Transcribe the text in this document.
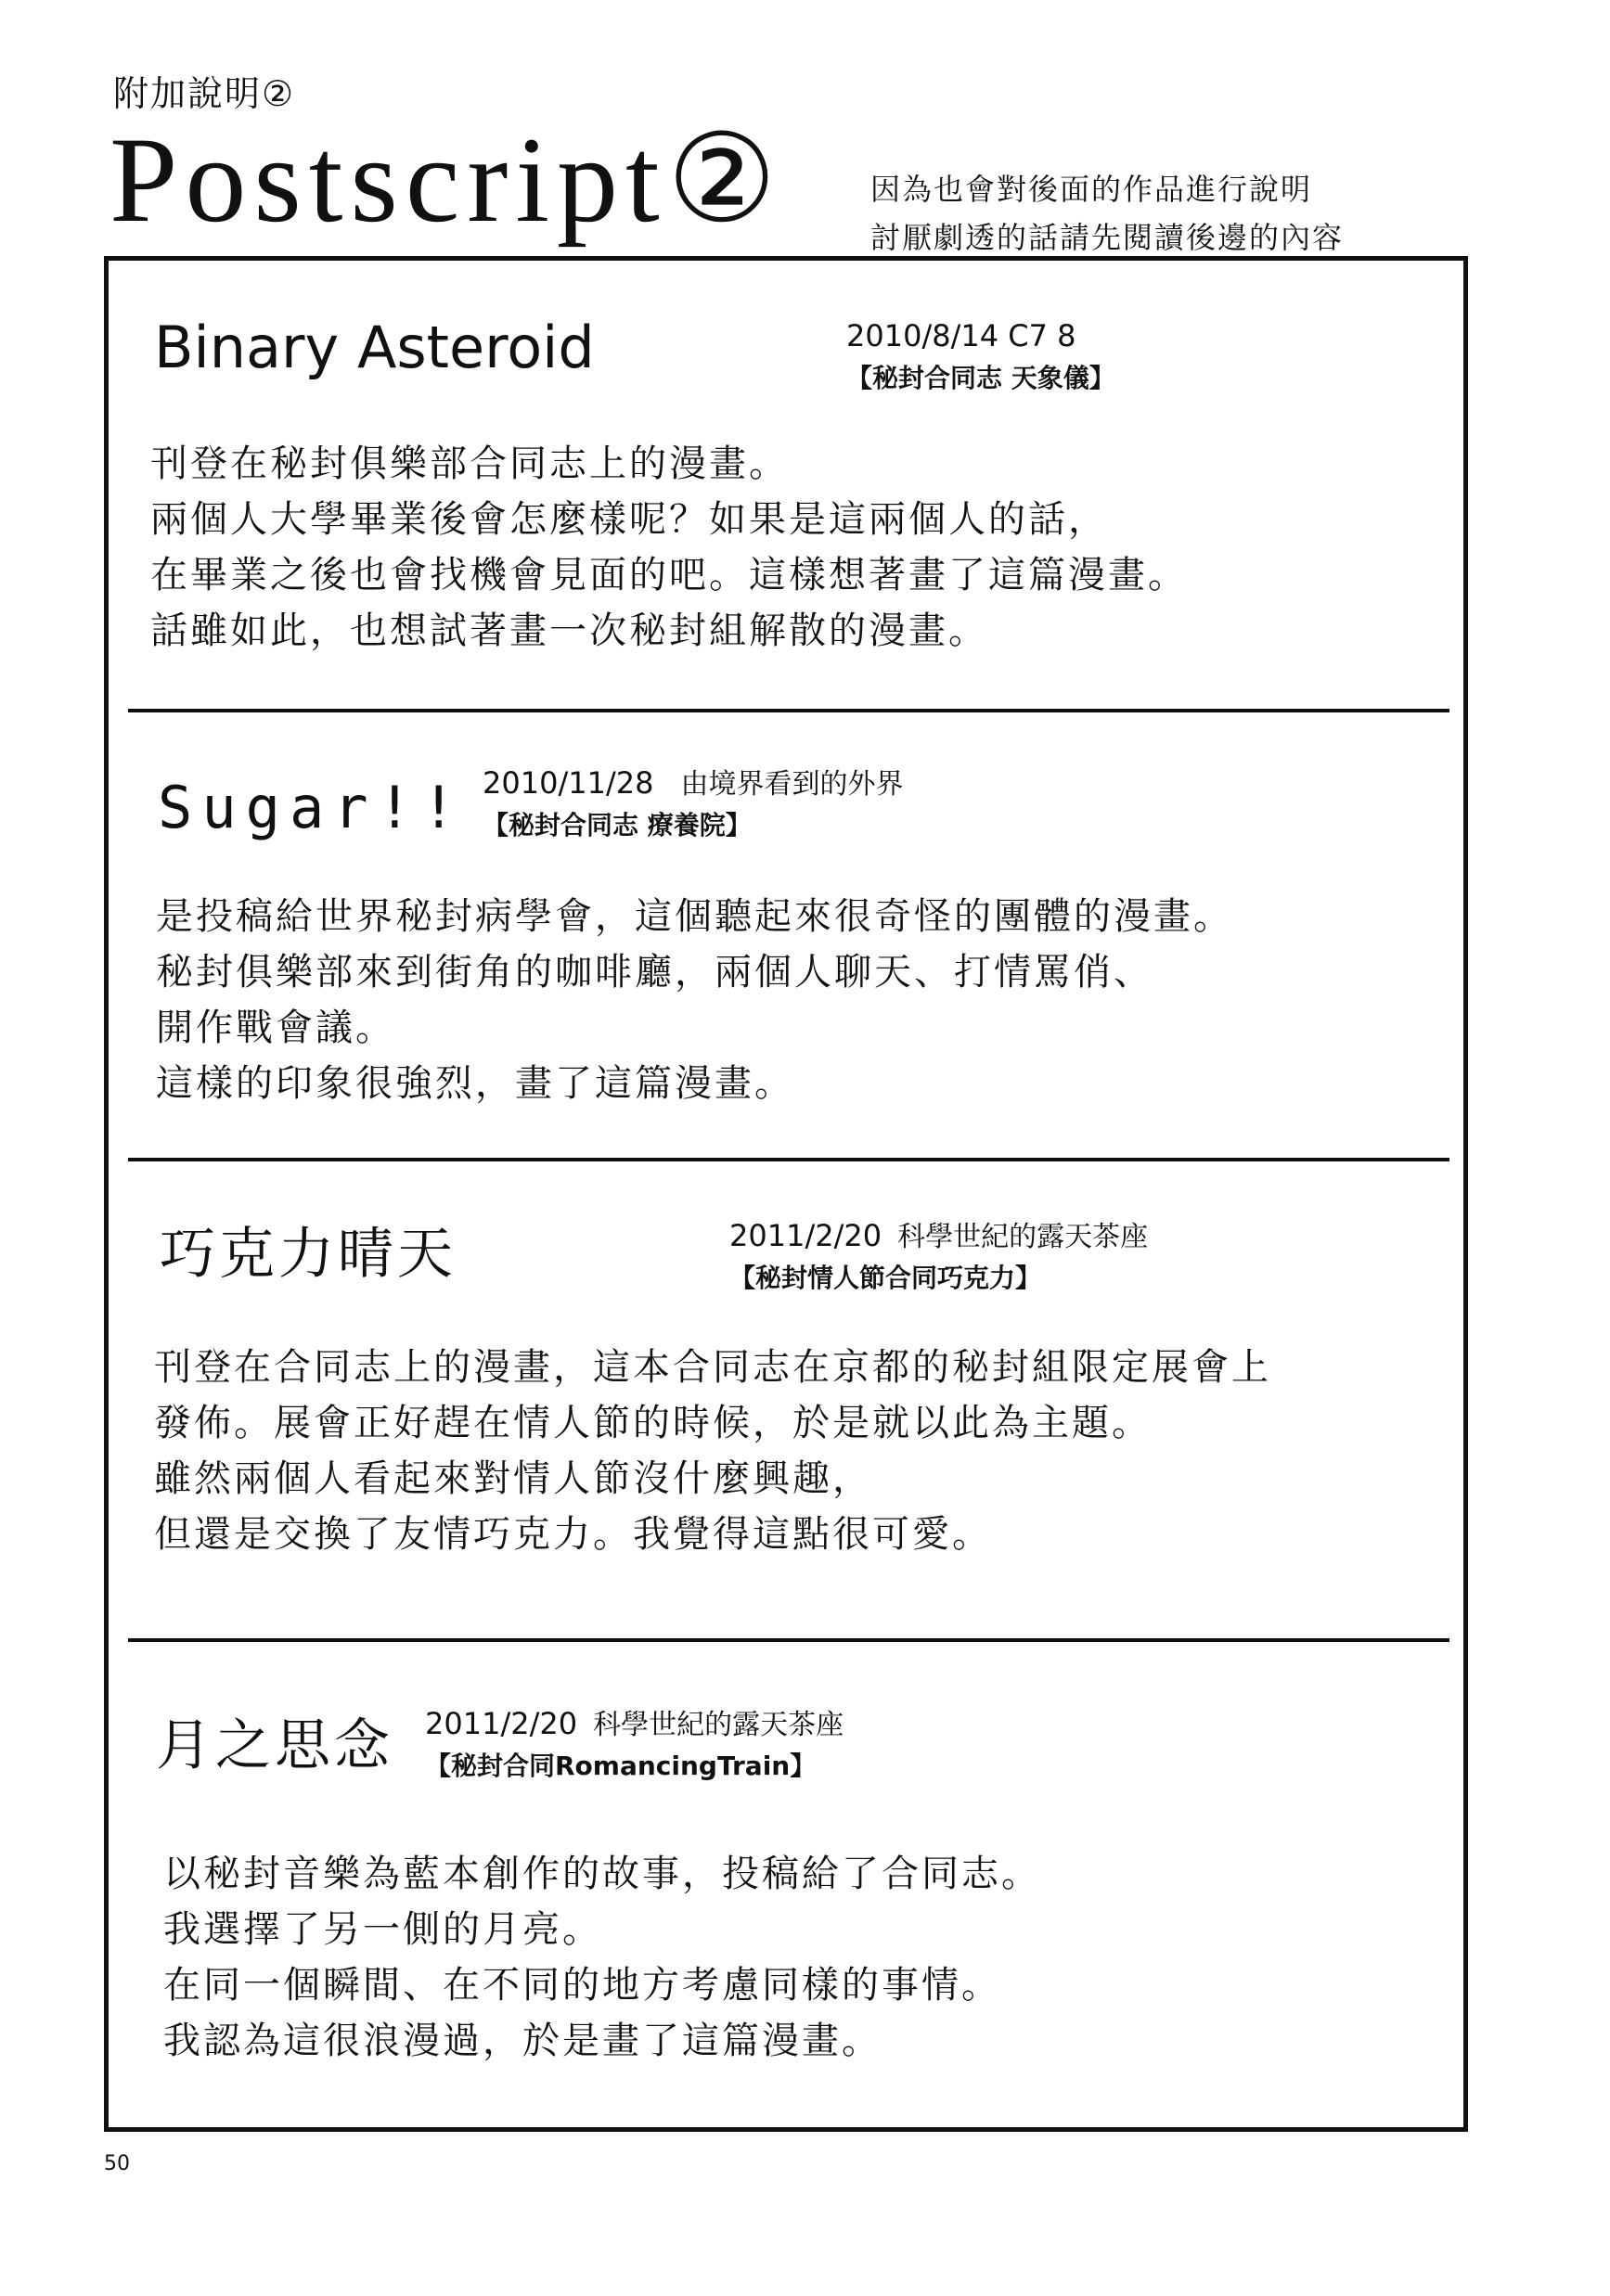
附加說明②
Postscript②	因為也會對後面的作品進行說明
討厭劇透的話請先閱讀後邊的內容
Binary Asteroid	2010/8/14 C7 8
【秘封合同志 天象儀】
刊登在秘封俱樂部合同志上的漫畫。
兩個人大學畢業後會怎麼樣呢？如果是這兩個人的話，
在畢業之後也會找機會見面的吧。這樣想著畫了這篇漫畫。
話雖如此，也想試著畫一次秘封組解散的漫畫。
Sugar!! 2010/11/28 由境界看到的外界
【秘封合同志 療養院】
是投稿給世界秘封病學會，這個聽起來很奇怪的團體的漫畫。
秘封俱樂部來到街角的咖啡廳，兩個人聊天、打情罵俏、
開作戰會議。
這樣的印象很強烈，畫了這篇漫畫。
巧克力晴天	2011/2/20 科學世紀的露天茶座
【秘封情人節合同巧克力】
刊登在合同志上的漫畫，這本合同志在京都的秘封組限定展會上
發佈。展會正好趕在情人節的時候，於是就以此為主題。
雖然兩個人看起來對情人節沒什麼興趣，
但還是交換了友情巧克力。我覺得這點很可愛。
月之思念 2011/2/20 科學世紀的露天茶座
【秘封合同RomancingTrain】
以秘封音樂為藍本創作的故事，投稿給了合同志。
我選擇了另一側的月亮。
在同一個瞬間、在不同的地方考慮同樣的事情。
我認為這很浪漫過，於是畫了這篇漫畫。
50
